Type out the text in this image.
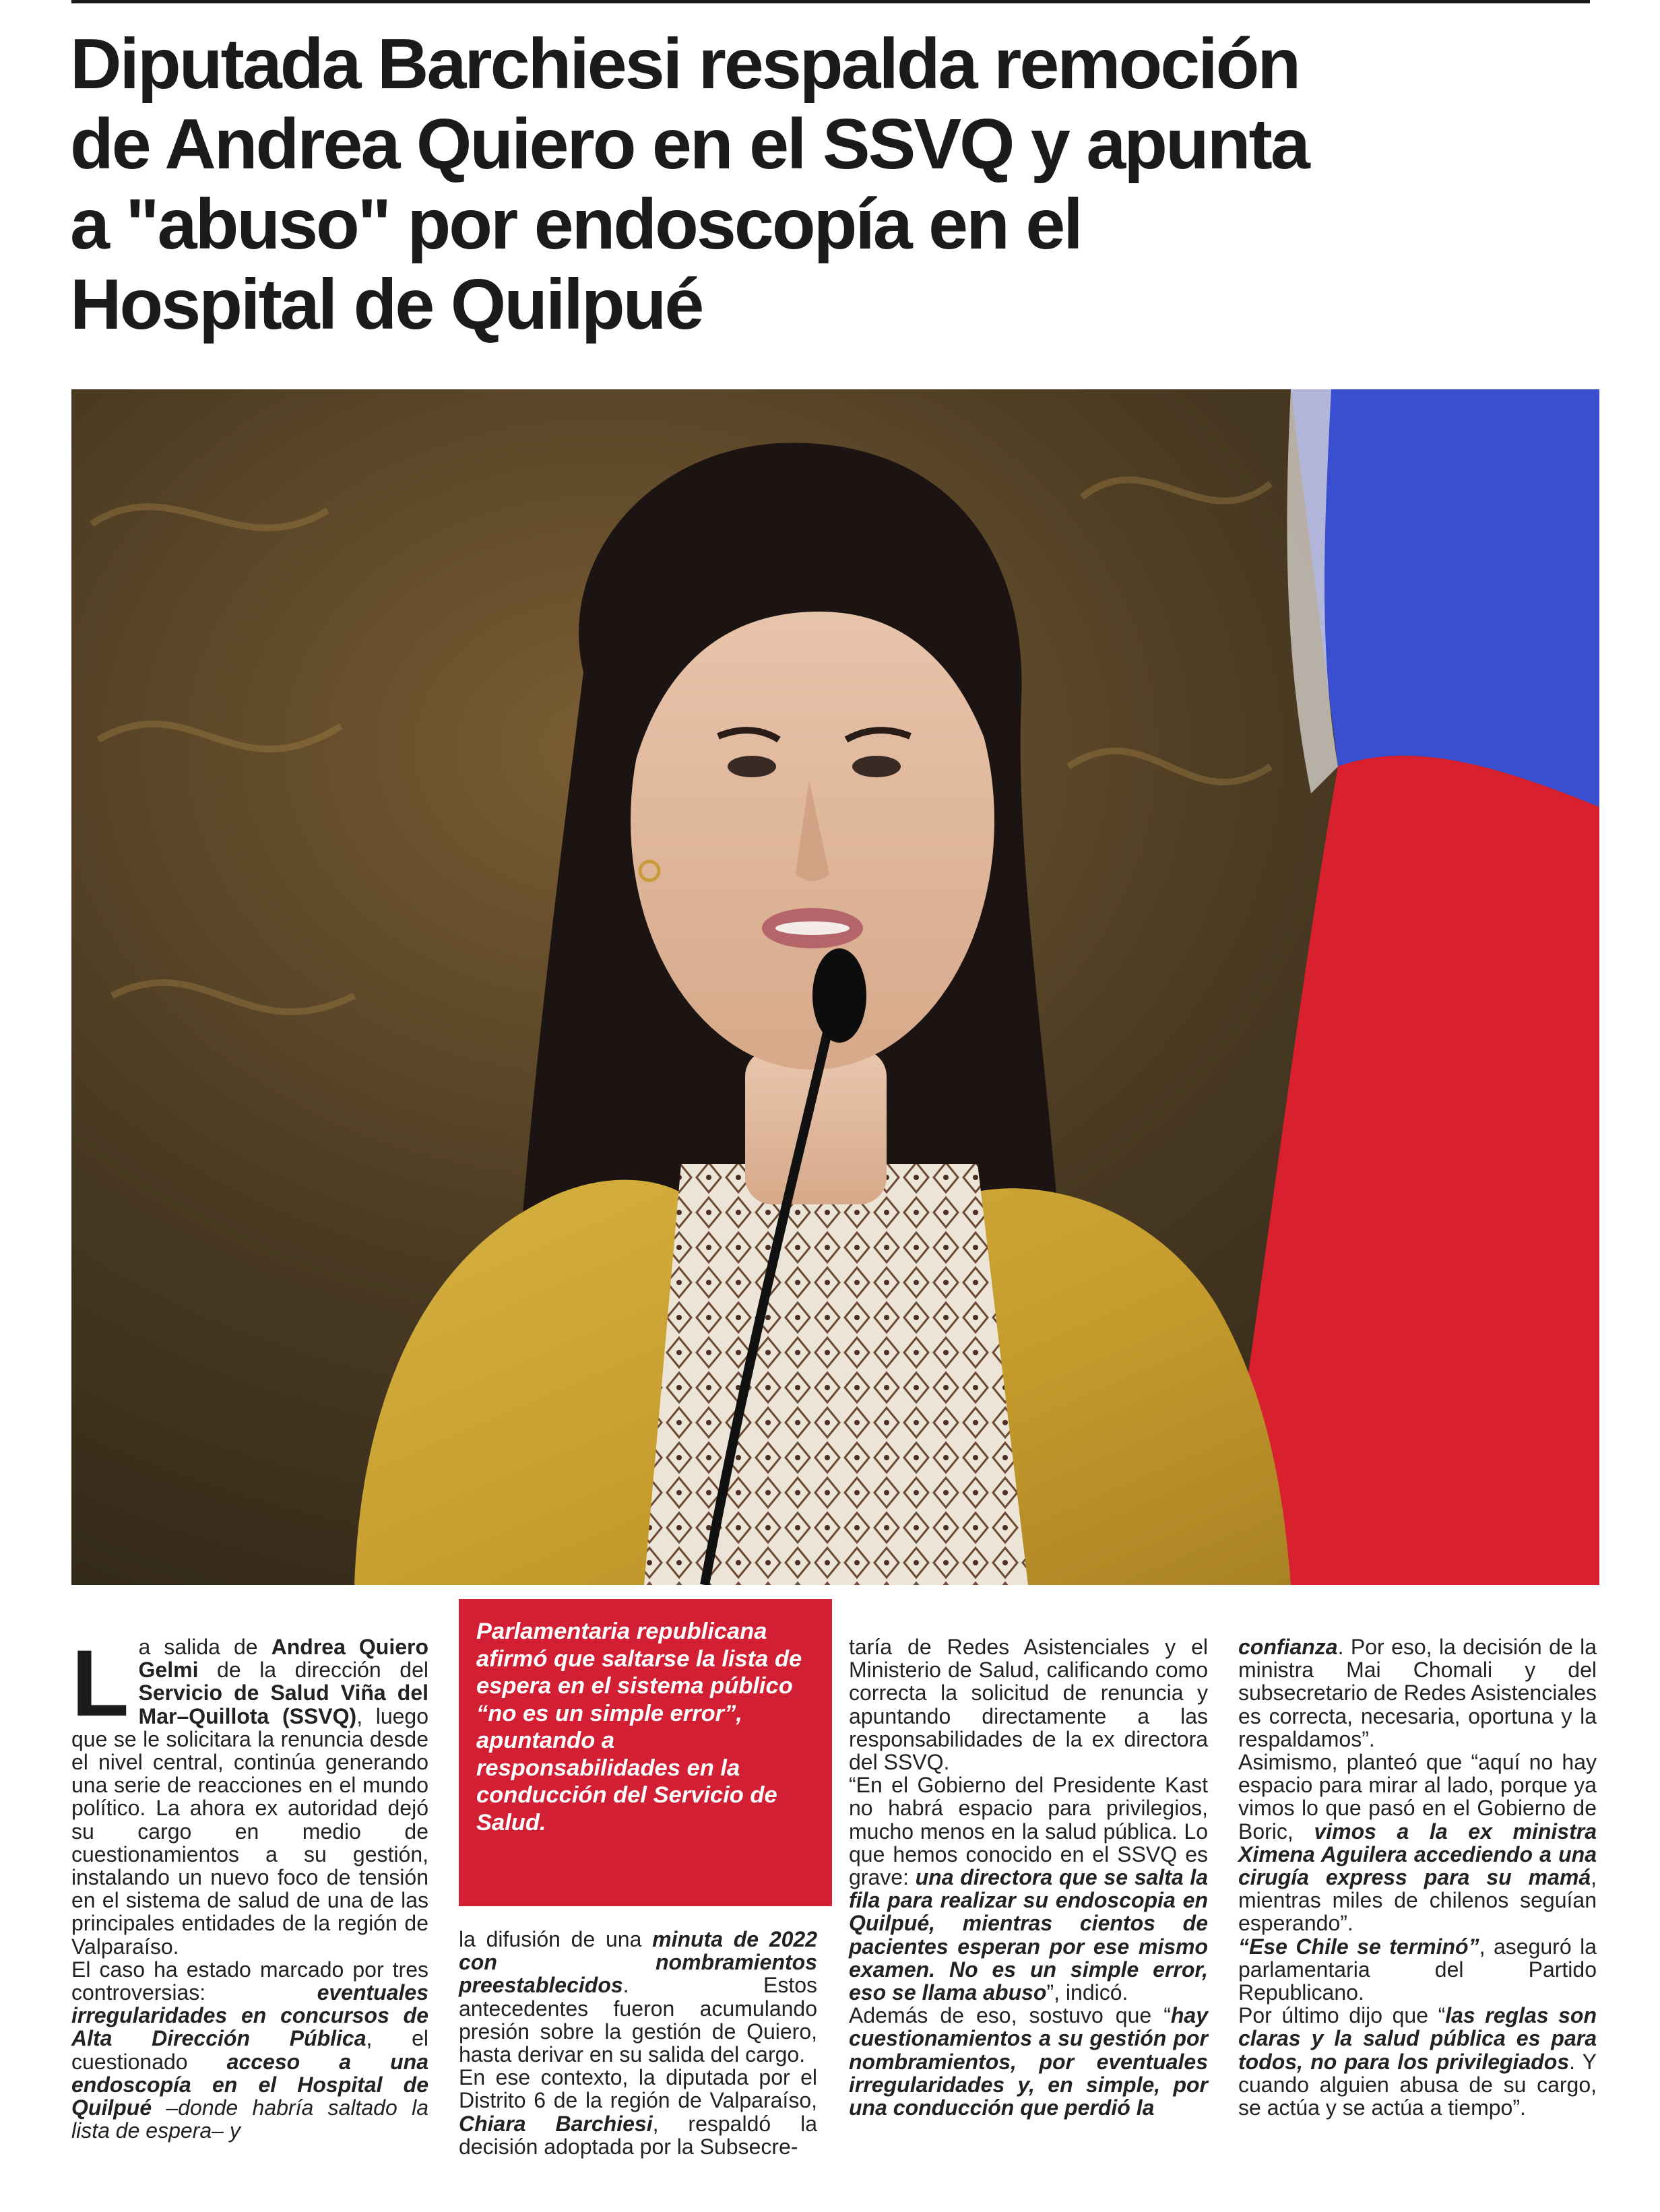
Diputada Barchiesi respalda remoción
de Andrea Quiero en el SSVQ y apunta
a "abuso" por endoscopía en el
Hospital de Quilpué
Parlamentaria republicana afirmó que saltarse la lista de espera en el sistema público “no es un simple error”, apuntando a responsabilidades en la conducción del Servicio de Salud.
L a salida de Andrea Quiero Gelmi de la dirección del Servicio de Salud Viña del Mar–Quillota (SSVQ), luego que se le solicitara la renuncia desde el nivel central, continúa generando una serie de reacciones en el mundo político. La ahora ex autoridad dejó su cargo en medio de cuestionamientos a su gestión, instalando un nuevo foco de tensión en el sistema de salud de una de las principales entidades de la región de Valparaíso.

El caso ha estado marcado por tres controversias: eventuales irregularidades en concursos de Alta Dirección Pública, el cuestionado acceso a una endoscopía en el Hospital de Quilpué –donde habría saltado la lista de espera– y

la difusión de una minuta de 2022 con nombramientos preestablecidos. Estos antecedentes fueron acumulando presión sobre la gestión de Quiero, hasta derivar en su salida del cargo.

En ese contexto, la diputada por el Distrito 6 de la región de Valparaíso, Chiara Barchiesi, respaldó la decisión adoptada por la Subsecre-

taría de Redes Asistenciales y el Ministerio de Salud, calificando como correcta la solicitud de renuncia y apuntando directamente a las responsabilidades de la ex directora del SSVQ.

“En el Gobierno del Presidente Kast no habrá espacio para privilegios, mucho menos en la salud pública. Lo que hemos conocido en el SSVQ es grave: una directora que se salta la fila para realizar su endoscopia en Quilpué, mientras cientos de pacientes esperan por ese mismo examen. No es un simple error, eso se llama abuso”, indicó.

Además de eso, sostuvo que “hay cuestionamientos a su gestión por nombramientos, por eventuales irregularidades y, en simple, por una conducción que perdió la

confianza. Por eso, la decisión de la ministra Mai Chomali y del subsecretario de Redes Asistenciales es correcta, necesaria, oportuna y la respaldamos”.

Asimismo, planteó que “aquí no hay espacio para mirar al lado, porque ya vimos lo que pasó en el Gobierno de Boric, vimos a la ex ministra Ximena Aguilera accediendo a una cirugía express para su mamá, mientras miles de chilenos seguían esperando”.

“Ese Chile se terminó”, aseguró la parlamentaria del Partido Republicano.

Por último dijo que “las reglas son claras y la salud pública es para todos, no para los privilegiados. Y cuando alguien abusa de su cargo, se actúa y se actúa a tiempo”.
